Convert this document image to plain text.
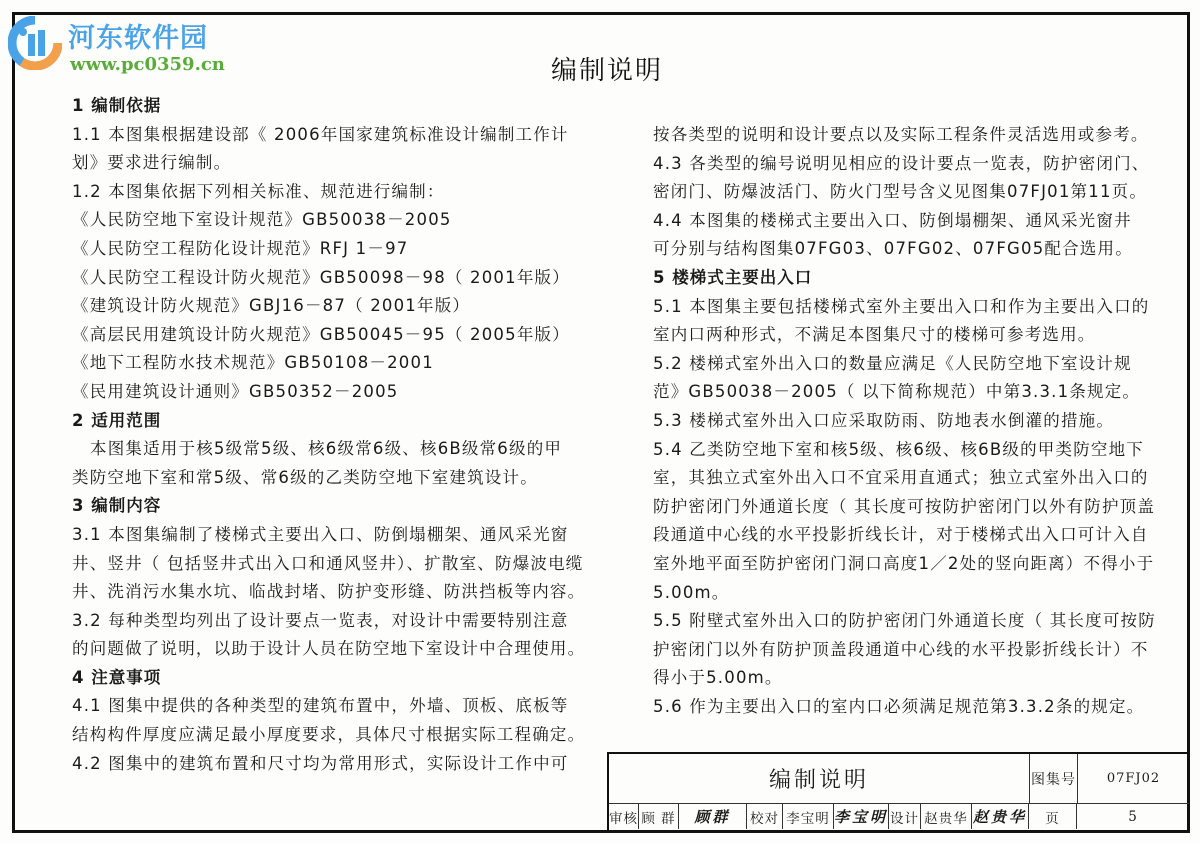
河东软件园
www.pc0359.cn	编制说明
1 编制依据
1.1 本图集根据建设部《 2006年国家建筑标准设计编制工作计
划》要求进行编制。
1.2 本图集依据下列相关标准、规范进行编制：
《人民防空地下室设计规范》GB50038－2005
《人民防空工程防化设计规范》RFJ 1－97
《人民防空工程设计防火规范》GB50098－98（ 2001年版）
《建筑设计防火规范》GBJ16－87（ 2001年版）
《高层民用建筑设计防火规范》GB50045－95（ 2005年版）
《地下工程防水技术规范》GB50108－2001
《民用建筑设计通则》GB50352－2005
2 适用范围
本图集适用于核5级常5级、核6级常6级、核6B级常6级的甲
类防空地下室和常5级、常6级的乙类防空地下室建筑设计。
3 编制内容
3.1 本图集编制了楼梯式主要出入口、防倒塌棚架、通风采光窗
井、竖井（ 包括竖井式出入口和通风竖井）、扩散室、防爆波电缆
井、洗消污水集水坑、临战封堵、防护变形缝、防洪挡板等内容。
3.2 每种类型均列出了设计要点一览表，对设计中需要特别注意
的问题做了说明，以助于设计人员在防空地下室设计中合理使用。
4 注意事项
4.1 图集中提供的各种类型的建筑布置中，外墙、顶板、底板等
结构构件厚度应满足最小厚度要求，具体尺寸根据实际工程确定。
4.2 图集中的建筑布置和尺寸均为常用形式，实际设计工作中可
按各类型的说明和设计要点以及实际工程条件灵活选用或参考。
4.3 各类型的编号说明见相应的设计要点一览表，防护密闭门、
密闭门、防爆波活门、防火门型号含义见图集07FJ01第11页。
4.4 本图集的楼梯式主要出入口、防倒塌棚架、通风采光窗井
可分别与结构图集07FG03、07FG02、07FG05配合选用。
5 楼梯式主要出入口
5.1 本图集主要包括楼梯式室外主要出入口和作为主要出入口的
室内口两种形式，不满足本图集尺寸的楼梯可参考选用。
5.2 楼梯式室外出入口的数量应满足《人民防空地下室设计规
范》GB50038－2005（ 以下简称规范）中第3.3.1条规定。
5.3 楼梯式室外出入口应采取防雨、防地表水倒灌的措施。
5.4 乙类防空地下室和核5级、核6级、核6B级的甲类防空地下
室，其独立式室外出入口不宜采用直通式；独立式室外出入口的
防护密闭门外通道长度（ 其长度可按防护密闭门以外有防护顶盖
段通道中心线的水平投影折线长计，对于楼梯式出入口可计入自
室外地平面至防护密闭门洞口高度1／2处的竖向距离）不得小于
5.00m。
5.5 附壁式室外出入口的防护密闭门外通道长度（ 其长度可按防
护密闭门以外有防护顶盖段通道中心线的水平投影折线长计）不
得小于5.00m。
5.6 作为主要出入口的室内口必须满足规范第3.3.2条的规定。
编制说明	图集号	07FJ02
审核 顾 群	顾群	校对 李宝明 李宝明 设计 赵贵华 赵贵华	页	5
